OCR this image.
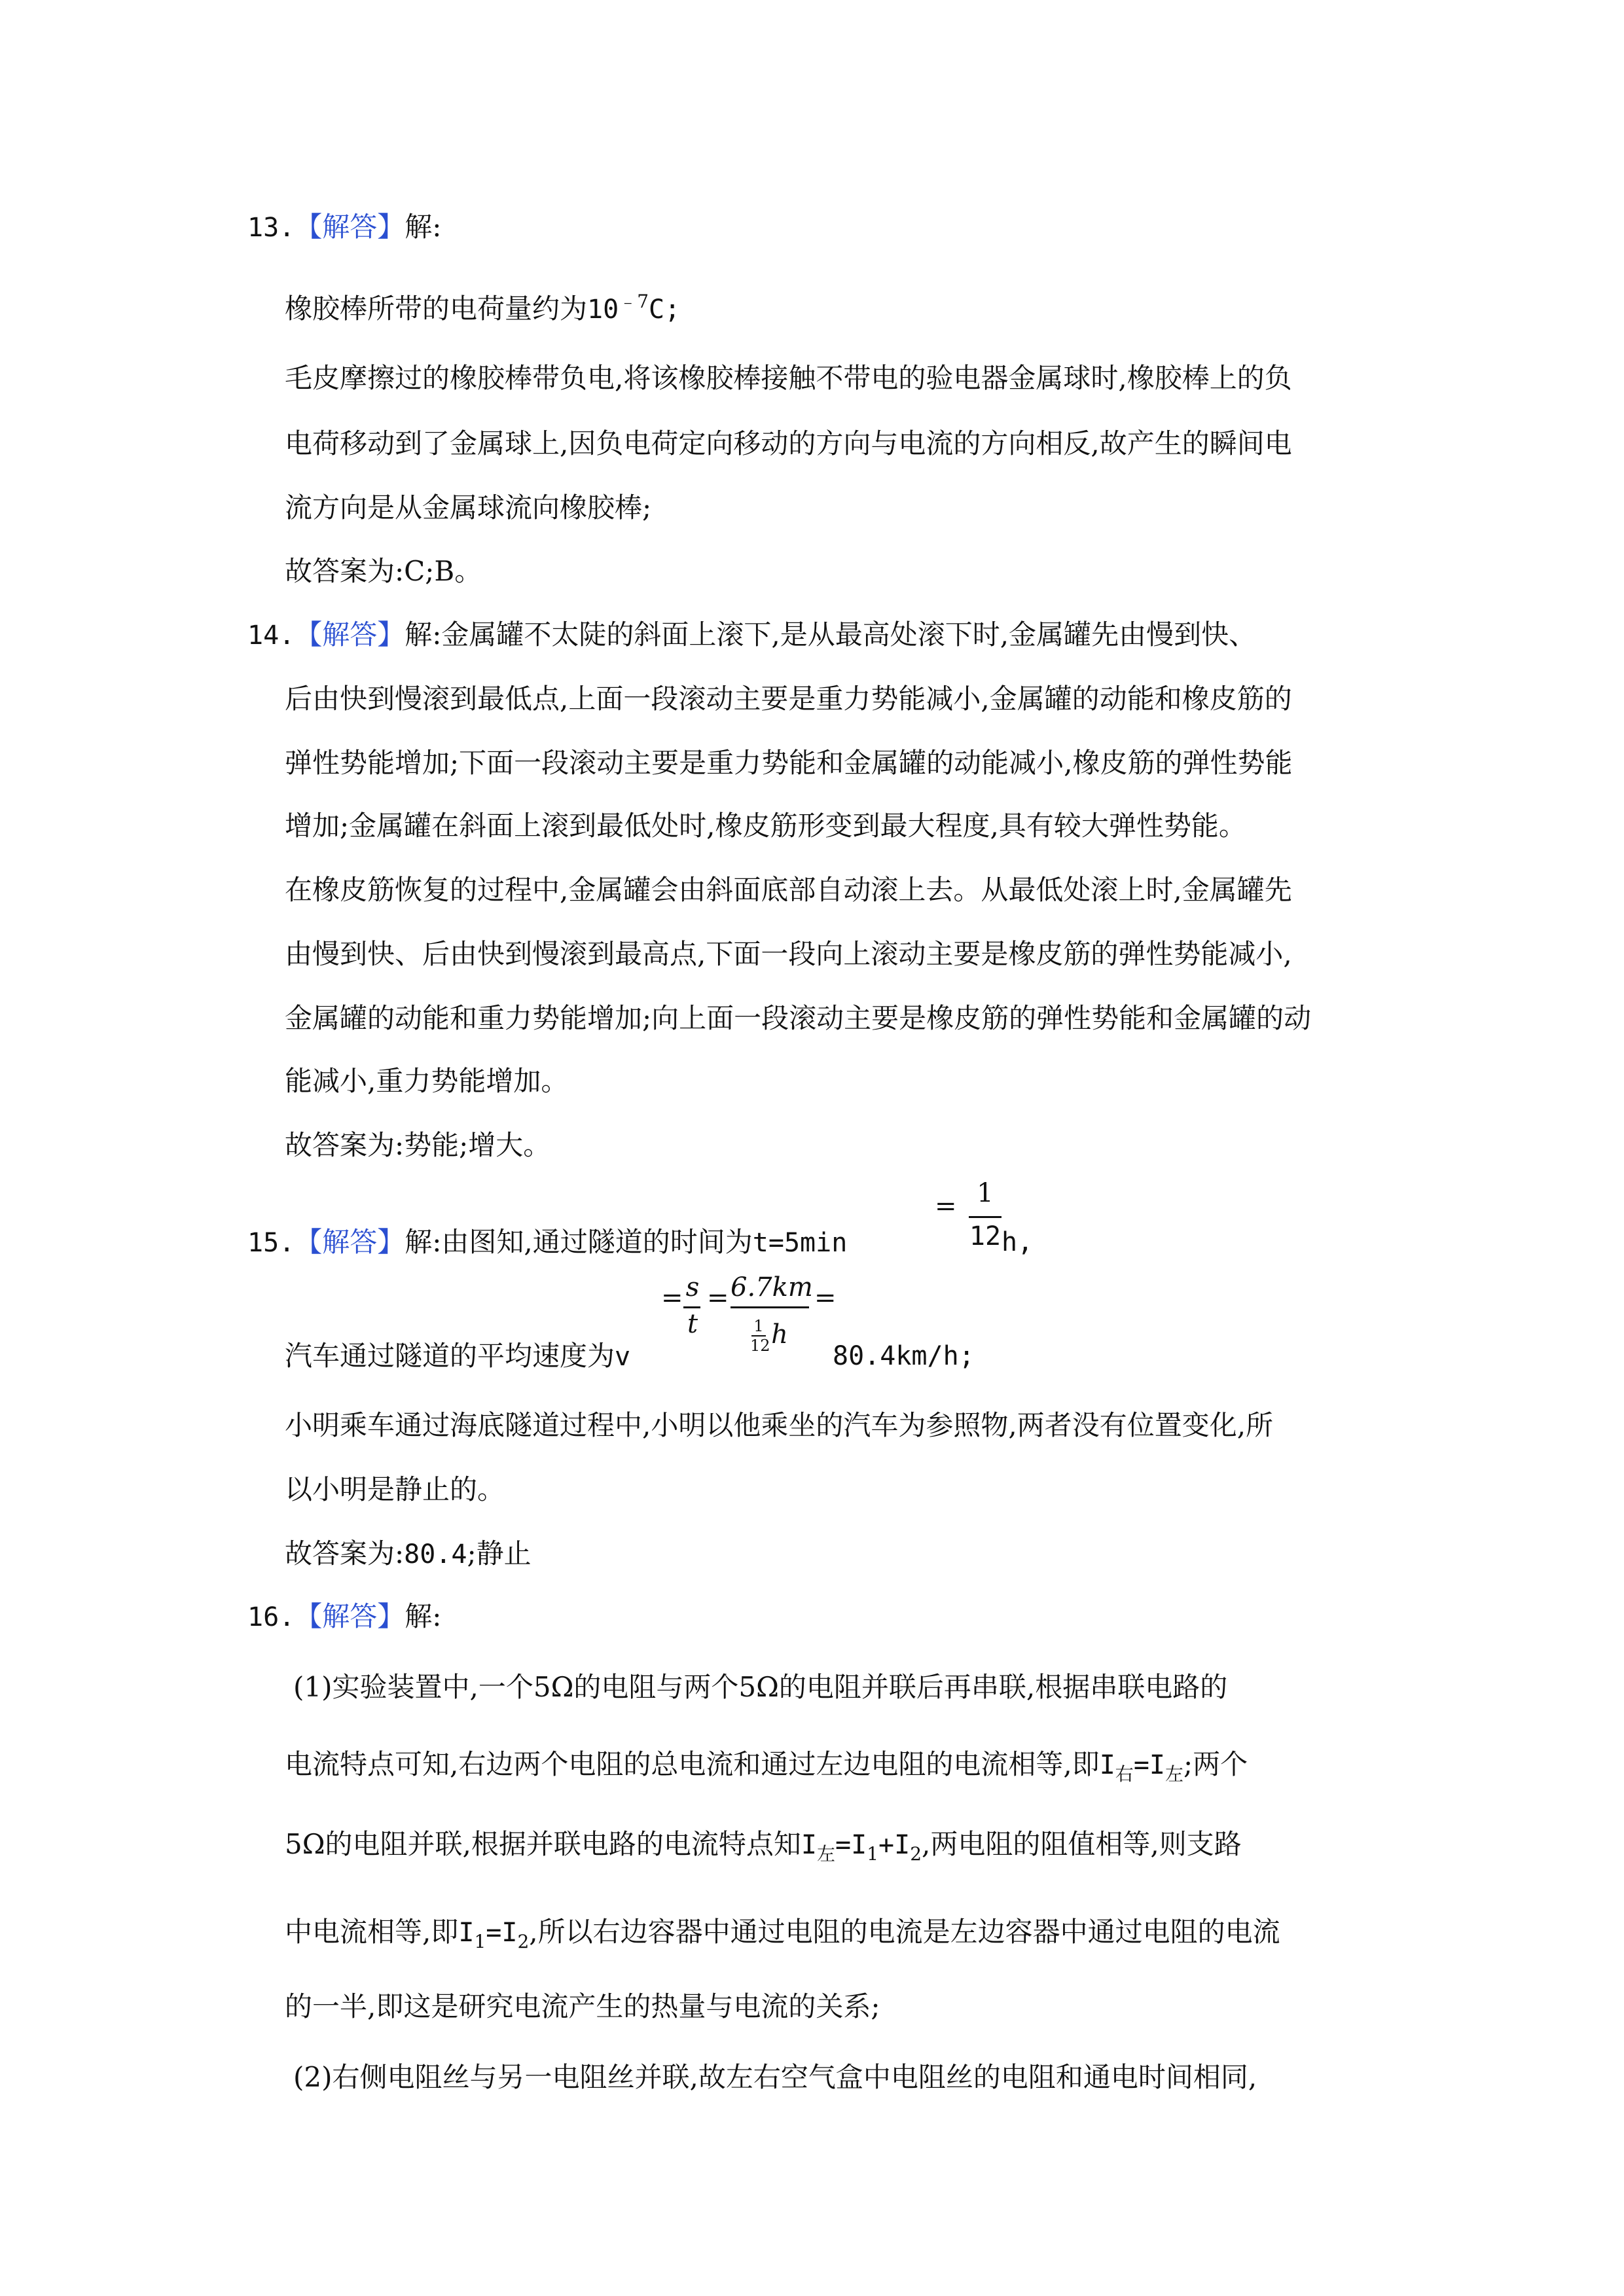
13.【解答】解:
橡胶棒所带的电荷量约为$10^{﹣7}C$;
毛皮摩擦过的橡胶棒带负电,将该橡胶棒接触不带电的验电器金属球时,橡胶棒上的负
电荷移动到了金属球上,因负电荷定向移动的方向与电流的方向相反,故产生的瞬间电
流方向是从金属球流向橡胶棒;
故答案为:C;B。
14.【解答】解:金属罐不太陡的斜面上滚下,是从最高处滚下时,金属罐先由慢到快、
后由快到慢滚到最低点,上面一段滚动主要是重力势能减小,金属罐的动能和橡皮筋的
弹性势能增加;下面一段滚动主要是重力势能和金属罐的动能减小,橡皮筋的弹性势能
增加;金属罐在斜面上滚到最低处时,橡皮筋形变到最大程度,具有较大弹性势能。
在橡皮筋恢复的过程中,金属罐会由斜面底部自动滚上去。从最低处滚上时,金属罐先
由慢到快、后由快到慢滚到最高点,下面一段向上滚动主要是橡皮筋的弹性势能减小,
金属罐的动能和重力势能增加;向上面一段滚动主要是橡皮筋的弹性势能和金属罐的动
能减小,重力势能增加。
故答案为:势能;增大。
15.【解答】解:由图知,通过隧道的时间为t=5min
= 1
12 h,
汽车通过隧道的平均速度为v
= s
t
= 6.7km
1
12 h
=
80.4km/h;
小明乘车通过海底隧道过程中,小明以他乘坐的汽车为参照物,两者没有位置变化,所
以小明是静止的。
故答案为:80.4;静止
16.【解答】解:
(1)实验装置中,一个5Ω的电阻与两个5Ω的电阻并联后再串联,根据串联电路的
电流特点可知,右边两个电阻的总电流和通过左边电阻的电流相等,即$I_右=I_左$;两个
5Ω的电阻并联,根据并联电路的电流特点知$I_左=I_1+I_2$,两电阻的阻值相等,则支路
中电流相等,即$I_1=I_2$,所以右边容器中通过电阻的电流是左边容器中通过电阻的电流
的一半,即这是研究电流产生的热量与电流的关系;
(2)右侧电阻丝与另一电阻丝并联,故左右空气盒中电阻丝的电阻和通电时间相同,
